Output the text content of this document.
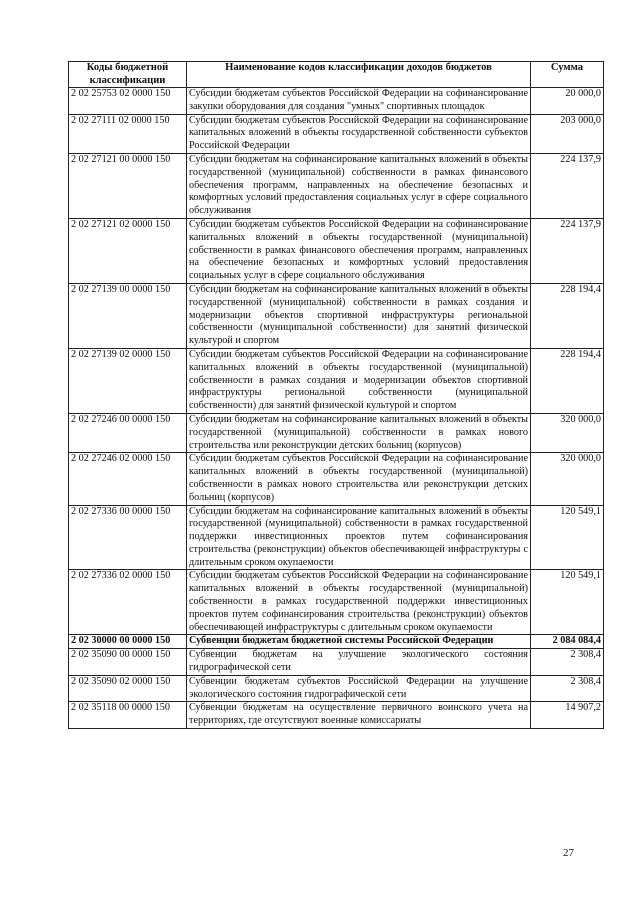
Коды бюджетной классификации	Наименование кодов классификации доходов бюджетов	Сумма
2 02 25753 02 0000 150	Субсидии бюджетам субъектов Российской Федерации на софинансирование закупки оборудования для создания "умных" спортивных площадок	20 000,0
2 02 27111 02 0000 150	Субсидии бюджетам субъектов Российской Федерации на софинансирование капитальных вложений в объекты государственной собственности субъектов Российской Федерации	203 000,0
2 02 27121 00 0000 150	Субсидии бюджетам на софинансирование капитальных вложений в объекты государственной (муниципальной) собственности в рамках финансового обеспечения программ, направленных на обеспечение безопасных и комфортных условий предоставления социальных услуг в сфере социального обслуживания	224 137,9
2 02 27121 02 0000 150	Субсидии бюджетам субъектов Российской Федерации на софинансирование капитальных вложений в объекты государственной (муниципальной) собственности в рамках финансового обеспечения программ, направленных на обеспечение безопасных и комфортных условий предоставления социальных услуг в сфере социального обслуживания	224 137,9
2 02 27139 00 0000 150	Субсидии бюджетам на софинансирование капитальных вложений в объекты государственной (муниципальной) собственности в рамках создания и модернизации объектов спортивной инфраструктуры региональной собственности (муниципальной собственности) для занятий физической культурой и спортом	228 194,4
2 02 27139 02 0000 150	Субсидии бюджетам субъектов Российской Федерации на софинансирование капитальных вложений в объекты государственной (муниципальной) собственности в рамках создания и модернизации объектов спортивной инфраструктуры региональной собственности (муниципальной собственности) для занятий физической культурой и спортом	228 194,4
2 02 27246 00 0000 150	Субсидии бюджетам на софинансирование капитальных вложений в объекты государственной (муниципальной) собственности в рамках нового строительства или реконструкции детских больниц (корпусов)	320 000,0
2 02 27246 02 0000 150	Субсидии бюджетам субъектов Российской Федерации на софинансирование капитальных вложений в объекты государственной (муниципальной) собственности в рамках нового строительства или реконструкции детских больниц (корпусов)	320 000,0
2 02 27336 00 0000 150	Субсидии бюджетам на софинансирование капитальных вложений в объекты государственной (муниципальной) собственности в рамках государственной поддержки инвестиционных проектов путем софинансирования строительства (реконструкции) объектов обеспечивающей инфраструктуры с длительным сроком окупаемости	120 549,1
2 02 27336 02 0000 150	Субсидии бюджетам субъектов Российской Федерации на софинансирование капитальных вложений в объекты государственной (муниципальной) собственности в рамках государственной поддержки инвестиционных проектов путем софинансирования строительства (реконструкции) объектов обеспечивающей инфраструктуры с длительным сроком окупаемости	120 549,1
2 02 30000 00 0000 150	Субвенции бюджетам бюджетной системы Российской Федерации	2 084 084,4
2 02 35090 00 0000 150	Субвенции бюджетам на улучшение экологического состояния гидрографической сети	2 308,4
2 02 35090 02 0000 150	Субвенции бюджетам субъектов Российской Федерации на улучшение экологического состояния гидрографической сети	2 308,4
2 02 35118 00 0000 150	Субвенции бюджетам на осуществление первичного воинского учета на территориях, где отсутствуют военные комиссариаты	14 907,2
27
